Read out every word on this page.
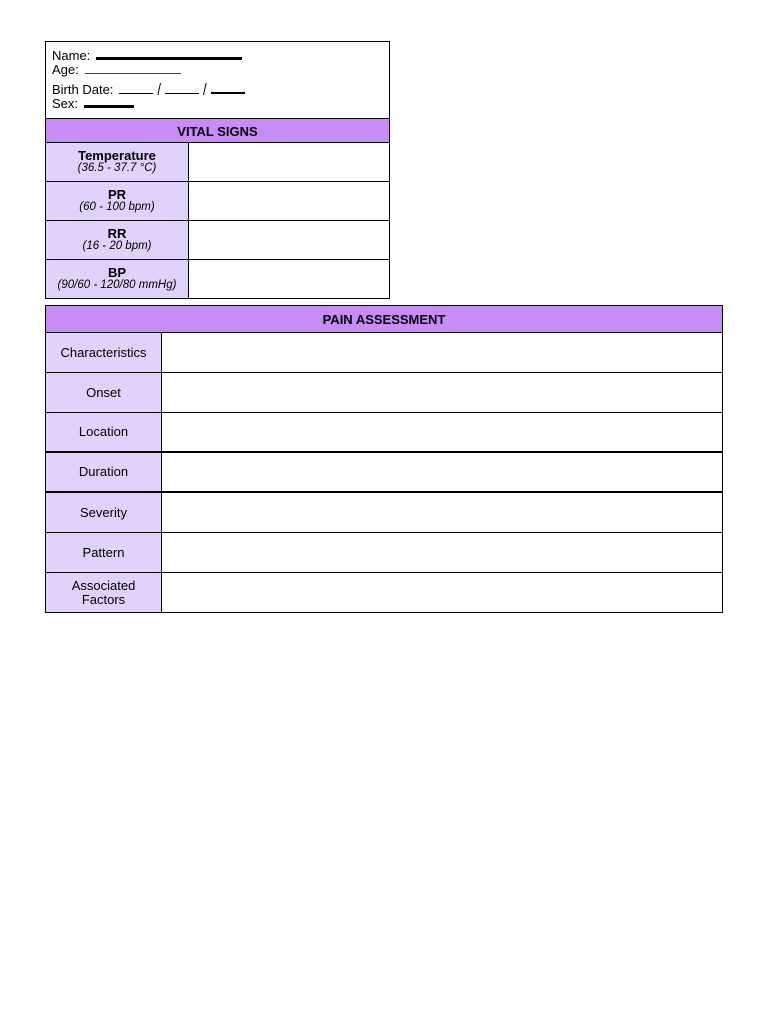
Name:
Age:
Birth Date:	/	/
Sex:
VITAL SIGNS
Temperature
(36.5 - 37.7 °C)
PR
(60 - 100 bpm)
RR
(16 - 20 bpm)
BP
(90/60 - 120/80 mmHg)
PAIN ASSESSMENT
Characteristics
Onset
Location
Duration
Severity
Pattern
Associated Factors
